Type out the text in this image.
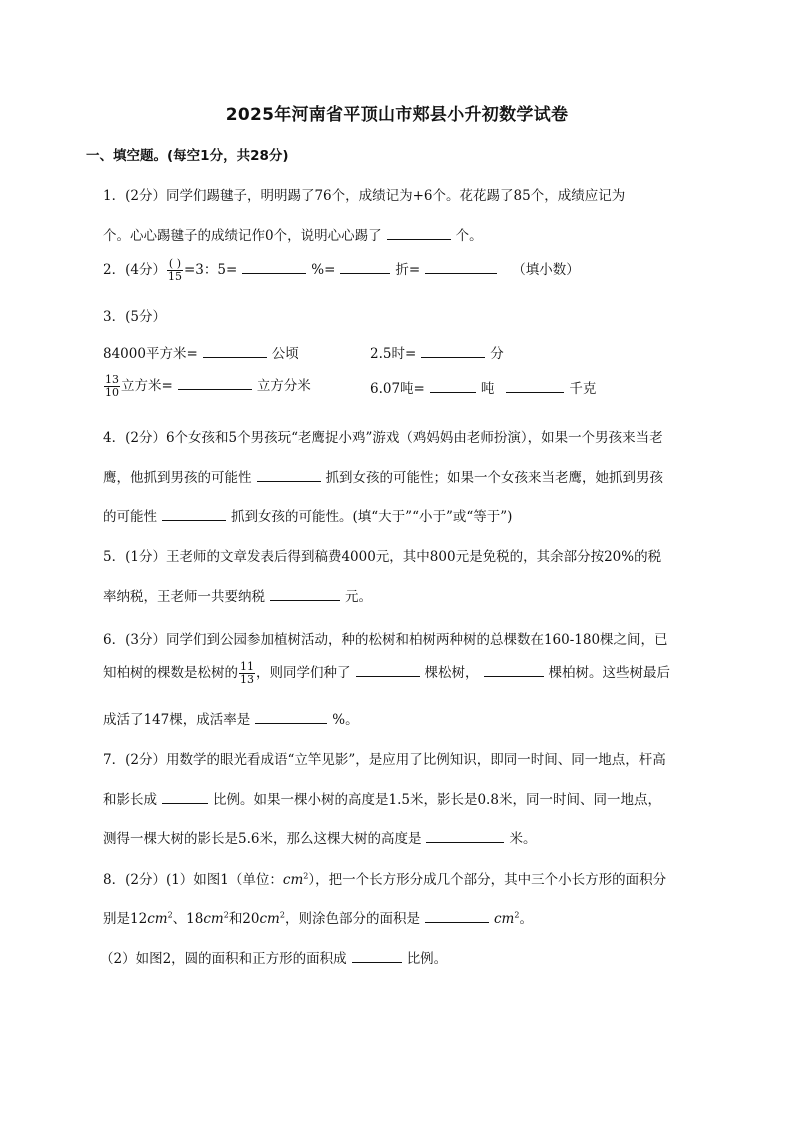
2025年河南省平顶山市郏县小升初数学试卷
一、填空题。(每空1分，共28分)
1．(2分）同学们踢毽子，明明踢了76个，成绩记为+6个。花花踢了85个，成绩应记为
个。心心踢毽子的成绩记作0个，说明心心踢了	个。
2．(4分） $\frac{( )}{15} =3$：5=	%=	折=	（填小数）
3．(5分）
84000平方米=	公顷	2.5时=	分
$\frac{13}{10}$ 立方米=	立方分米	6.07吨=	吨	千克
4．(2分）6个女孩和5个男孩玩“老鹰捉小鸡”游戏（鸡妈妈由老师扮演），如果一个男孩来当老
鹰，他抓到男孩的可能性	抓到女孩的可能性；如果一个女孩来当老鹰，她抓到男孩
的可能性	抓到女孩的可能性。(填“大于”“小于”或“等于”)
5．(1分）王老师的文章发表后得到稿费4000元，其中800元是免税的，其余部分按20%的税
率纳税，王老师一共要纳税	元。
6．(3分）同学们到公园参加植树活动，种的松树和柏树两种树的总棵数在160-180棵之间，已
知柏树的棵数是松树的 $\frac{11}{13}$ ，则同学们种了	棵松树，	棵柏树。这些树最后
成活了147棵，成活率是	%。
7．(2分）用数学的眼光看成语“立竿见影”，是应用了比例知识，即同一时间、同一地点，杆高
和影长成	比例。如果一棵小树的高度是1.5米，影长是0.8米，同一时间、同一地点，
测得一棵大树的影长是5.6米，那么这棵大树的高度是	米。
8．(2分）(1）如图1（单位：$cm^2$），把一个长方形分成几个部分，其中三个小长方形的面积分
别是$12cm^2$、$18cm^2$和$20cm^2$，则涂色部分的面积是	$cm^2$。
（2）如图2，圆的面积和正方形的面积成	比例。
